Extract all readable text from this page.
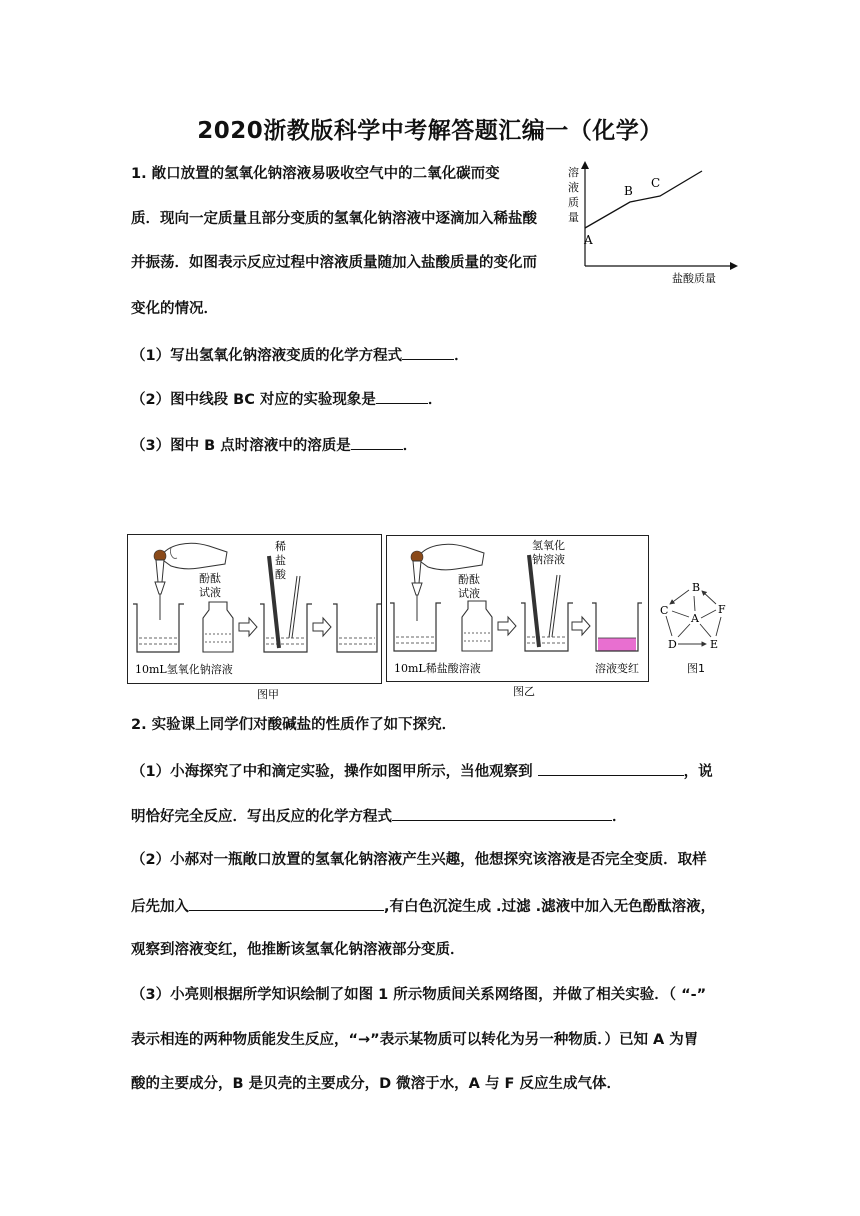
2020浙教版科学中考解答题汇编一（化学）
1. 敞口放置的氢氧化钠溶液易吸收空气中的二氧化碳而变
质．现向一定质量且部分变质的氢氧化钠溶液中逐滴加入稀盐酸
并振荡．如图表示反应过程中溶液质量随加入盐酸质量的变化而
变化的情况．
（1）写出氢氧化钠溶液变质的化学方程式	．
（2）图中线段 BC 对应的实验现象是	．
（3）图中 B 点时溶液中的溶质是	．
溶
液
质
量
A
B
C
盐酸质量
酚酞
试液
稀
盐
酸
10mL氢氧化钠溶液
图甲
酚酞
试液
氢氧化
钠溶液
10mL稀盐酸溶液	溶液变红
图乙
B
C	F
A
D	E
图1
2. 实验课上同学们对酸碱盐的性质作了如下探究．
（1）小海探究了中和滴定实验，操作如图甲所示，当他观察到	，说
明恰好完全反应．写出反应的化学方程式	．
（2）小郝对一瓶敞口放置的氢氧化钠溶液产生兴趣，他想探究该溶液是否完全变质．取样
后先加入	,有白色沉淀生成 .过滤 .滤液中加入无色酚酞溶液，
观察到溶液变红，他推断该氢氧化钠溶液部分变质．
（3）小亮则根据所学知识绘制了如图 1 所示物质间关系网络图，并做了相关实验．（ “-”
表示相连的两种物质能发生反应，“→”表示某物质可以转化为另一种物质．）已知 A 为胃
酸的主要成分，B 是贝壳的主要成分，D 微溶于水，A 与 F 反应生成气体．
